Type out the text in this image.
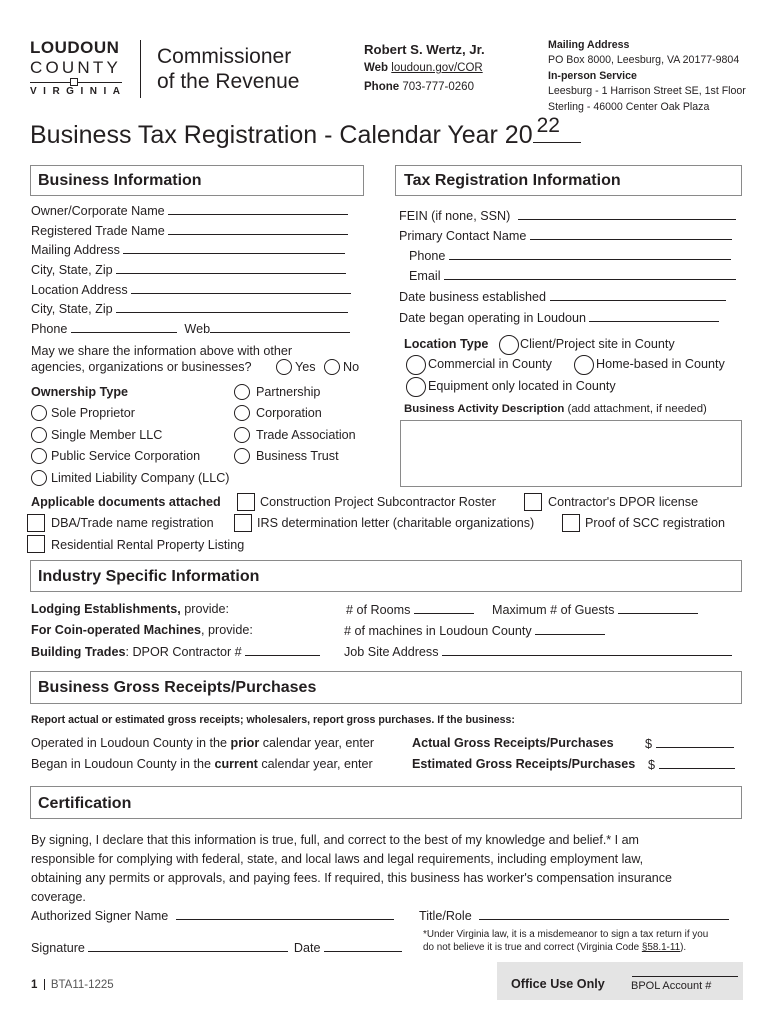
LOUDOUN
COUNTY
VIRGINIA
Commissioner
of the Revenue
Robert S. Wertz, Jr.
Web loudoun.gov/COR
Phone 703-777-0260
Mailing Address
PO Box 8000, Leesburg, VA 20177-9804
In-person Service
Leesburg - 1 Harrison Street SE, 1st Floor
Sterling - 46000 Center Oak Plaza
Business Tax Registration - Calendar Year 20 22
Business Information
Owner/Corporate Name
Registered Trade Name
Mailing Address
City, State, Zip
Location Address
City, State, Zip
Phone	Web
May we share the information above with other
agencies, organizations or businesses?	Yes No
Ownership Type
Sole Proprietor
Single Member LLC
Public Service Corporation
Limited Liability Company (LLC)
Partnership
Corporation
Trade Association
Business Trust
Tax Registration Information
FEIN (if none, SSN)
Primary Contact Name
Phone
Email
Date business established
Date began operating in Loudoun
Location Type	Client/Project site in County
Commercial in County	Home-based in County
Equipment only located in County
Business Activity Description (add attachment, if needed)
Applicable documents attached	Construction Project Subcontractor Roster	Contractor's DPOR license
DBA/Trade name registration	IRS determination letter (charitable organizations)	Proof of SCC registration
Residential Rental Property Listing
Industry Specific Information
Lodging Establishments, provide:	# of Rooms	Maximum # of Guests
For Coin-operated Machines, provide:	# of machines in Loudoun County
Building Trades: DPOR Contractor #	Job Site Address
Business Gross Receipts/Purchases
Report actual or estimated gross receipts; wholesalers, report gross purchases. If the business:
Operated in Loudoun County in the prior calendar year, enter	Actual Gross Receipts/Purchases $
Began in Loudoun County in the current calendar year, enter	Estimated Gross Receipts/Purchases $
Certification
By signing, I declare that this information is true, full, and correct to the best of my knowledge and belief.* I am
responsible for complying with federal, state, and local laws and legal requirements, including employment law,
obtaining any permits or approvals, and paying fees. If required, this business has worker's compensation insurance
coverage.
Authorized Signer Name	Title/Role
Signature	Date
*Under Virginia law, it is a misdemeanor to sign a tax return if you
do not believe it is true and correct (Virginia Code §58.1-11).
1 BTA11-1225	Office Use Only BPOL Account #
